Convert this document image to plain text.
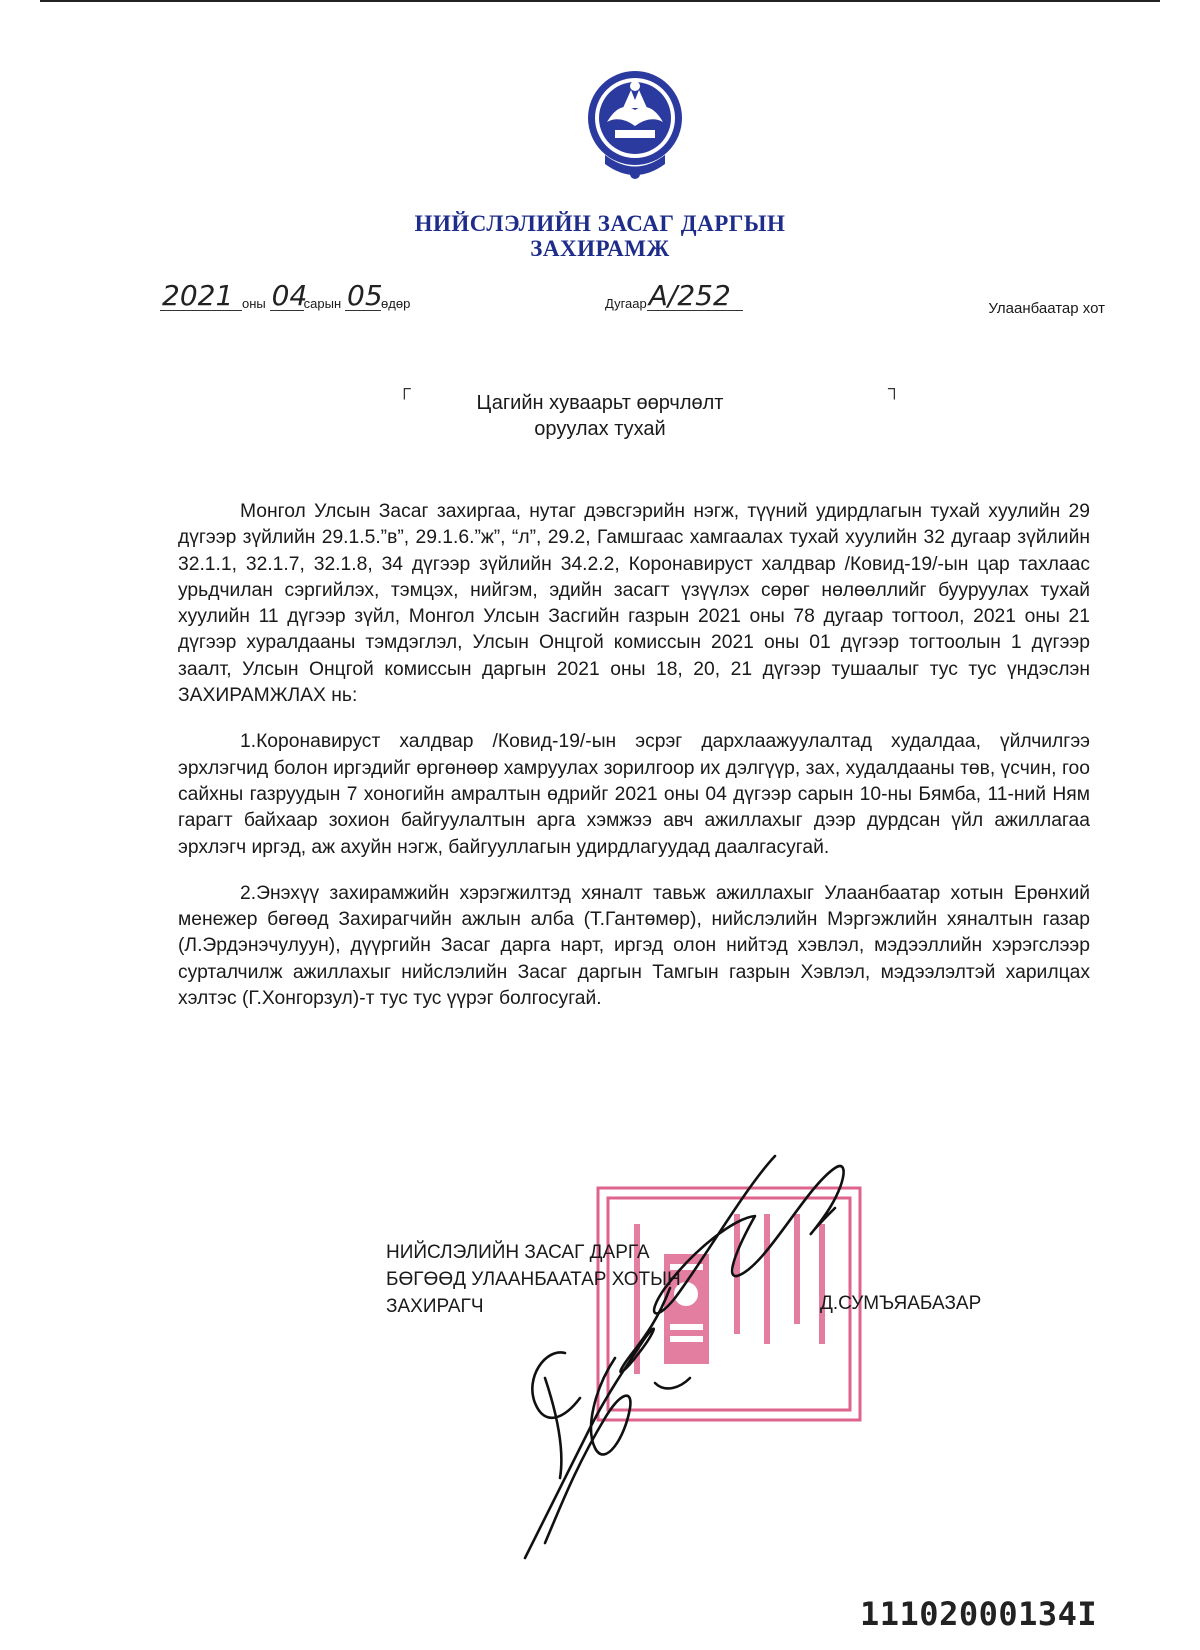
НИЙСЛЭЛИЙН ЗАСАГ ДАРГЫН
ЗАХИРАМЖ
2021 оны 04сарын 05өдөр	ДугаарА/252	Улаанбаатар хот
┌	┐
Цагийн хуваарьт өөрчлөлт
оруулах тухай

Монгол Улсын Засаг захиргаа, нутаг дэвсгэрийн нэгж, түүний удирдлагын тухай хуулийн 29 дүгээр зүйлийн 29.1.5.”в”, 29.1.6.”ж”, “л”, 29.2, Гамшгаас хамгаалах тухай хуулийн 32 дугаар зүйлийн 32.1.1, 32.1.7, 32.1.8, 34 дүгээр зүйлийн 34.2.2, Коронавируст халдвар /Ковид-19/-ын цар тахлаас урьдчилан сэргийлэх, тэмцэх, нийгэм, эдийн засагт үзүүлэх сөрөг нөлөөллийг бууруулах тухай хуулийн 11 дүгээр зүйл, Монгол Улсын Засгийн газрын 2021 оны 78 дугаар тогтоол, 2021 оны 21 дүгээр хуралдааны тэмдэглэл, Улсын Онцгой комиссын 2021 оны 01 дүгээр тогтоолын 1 дүгээр заалт, Улсын Онцгой комиссын даргын 2021 оны 18, 20, 21 дүгээр тушаалыг тус тус үндэслэн ЗАХИРАМЖЛАХ нь:

1.Коронавируст халдвар /Ковид-19/-ын эсрэг дархлаажуулалтад худалдаа, үйлчилгээ эрхлэгчид болон иргэдийг өргөнөөр хамруулах зорилгоор их дэлгүүр, зах, худалдааны төв, үсчин, гоо сайхны газруудын 7 хоногийн амралтын өдрийг 2021 оны 04 дүгээр сарын 10-ны Бямба, 11-ний Ням гарагт байхаар зохион байгуулалтын арга хэмжээ авч ажиллахыг дээр дурдсан үйл ажиллагаа эрхлэгч иргэд, аж ахуйн нэгж, байгууллагын удирдлагуудад даалгасугай.

2.Энэхүү захирамжийн хэрэгжилтэд хяналт тавьж ажиллахыг Улаанбаатар хотын Ерөнхий менежер бөгөөд Захирагчийн ажлын алба (Т.Гантөмөр), нийслэлийн Мэргэжлийн хяналтын газар (Л.Эрдэнэчулуун), дүүргийн Засаг дарга нарт, иргэд олон нийтэд хэвлэл, мэдээллийн хэрэгслээр сурталчилж ажиллахыг нийслэлийн Засаг даргын Тамгын газрын Хэвлэл, мэдээлэлтэй харилцах хэлтэс (Г.Хонгорзул)-т тус тус үүрэг болгосугай.

НИЙСЛЭЛИЙН ЗАСАГ ДАРГА
БӨГӨӨД УЛААНБААТАР ХОТЫН
ЗАХИРАГЧ	Д.СУМЪЯАБАЗАР
11102000134I
